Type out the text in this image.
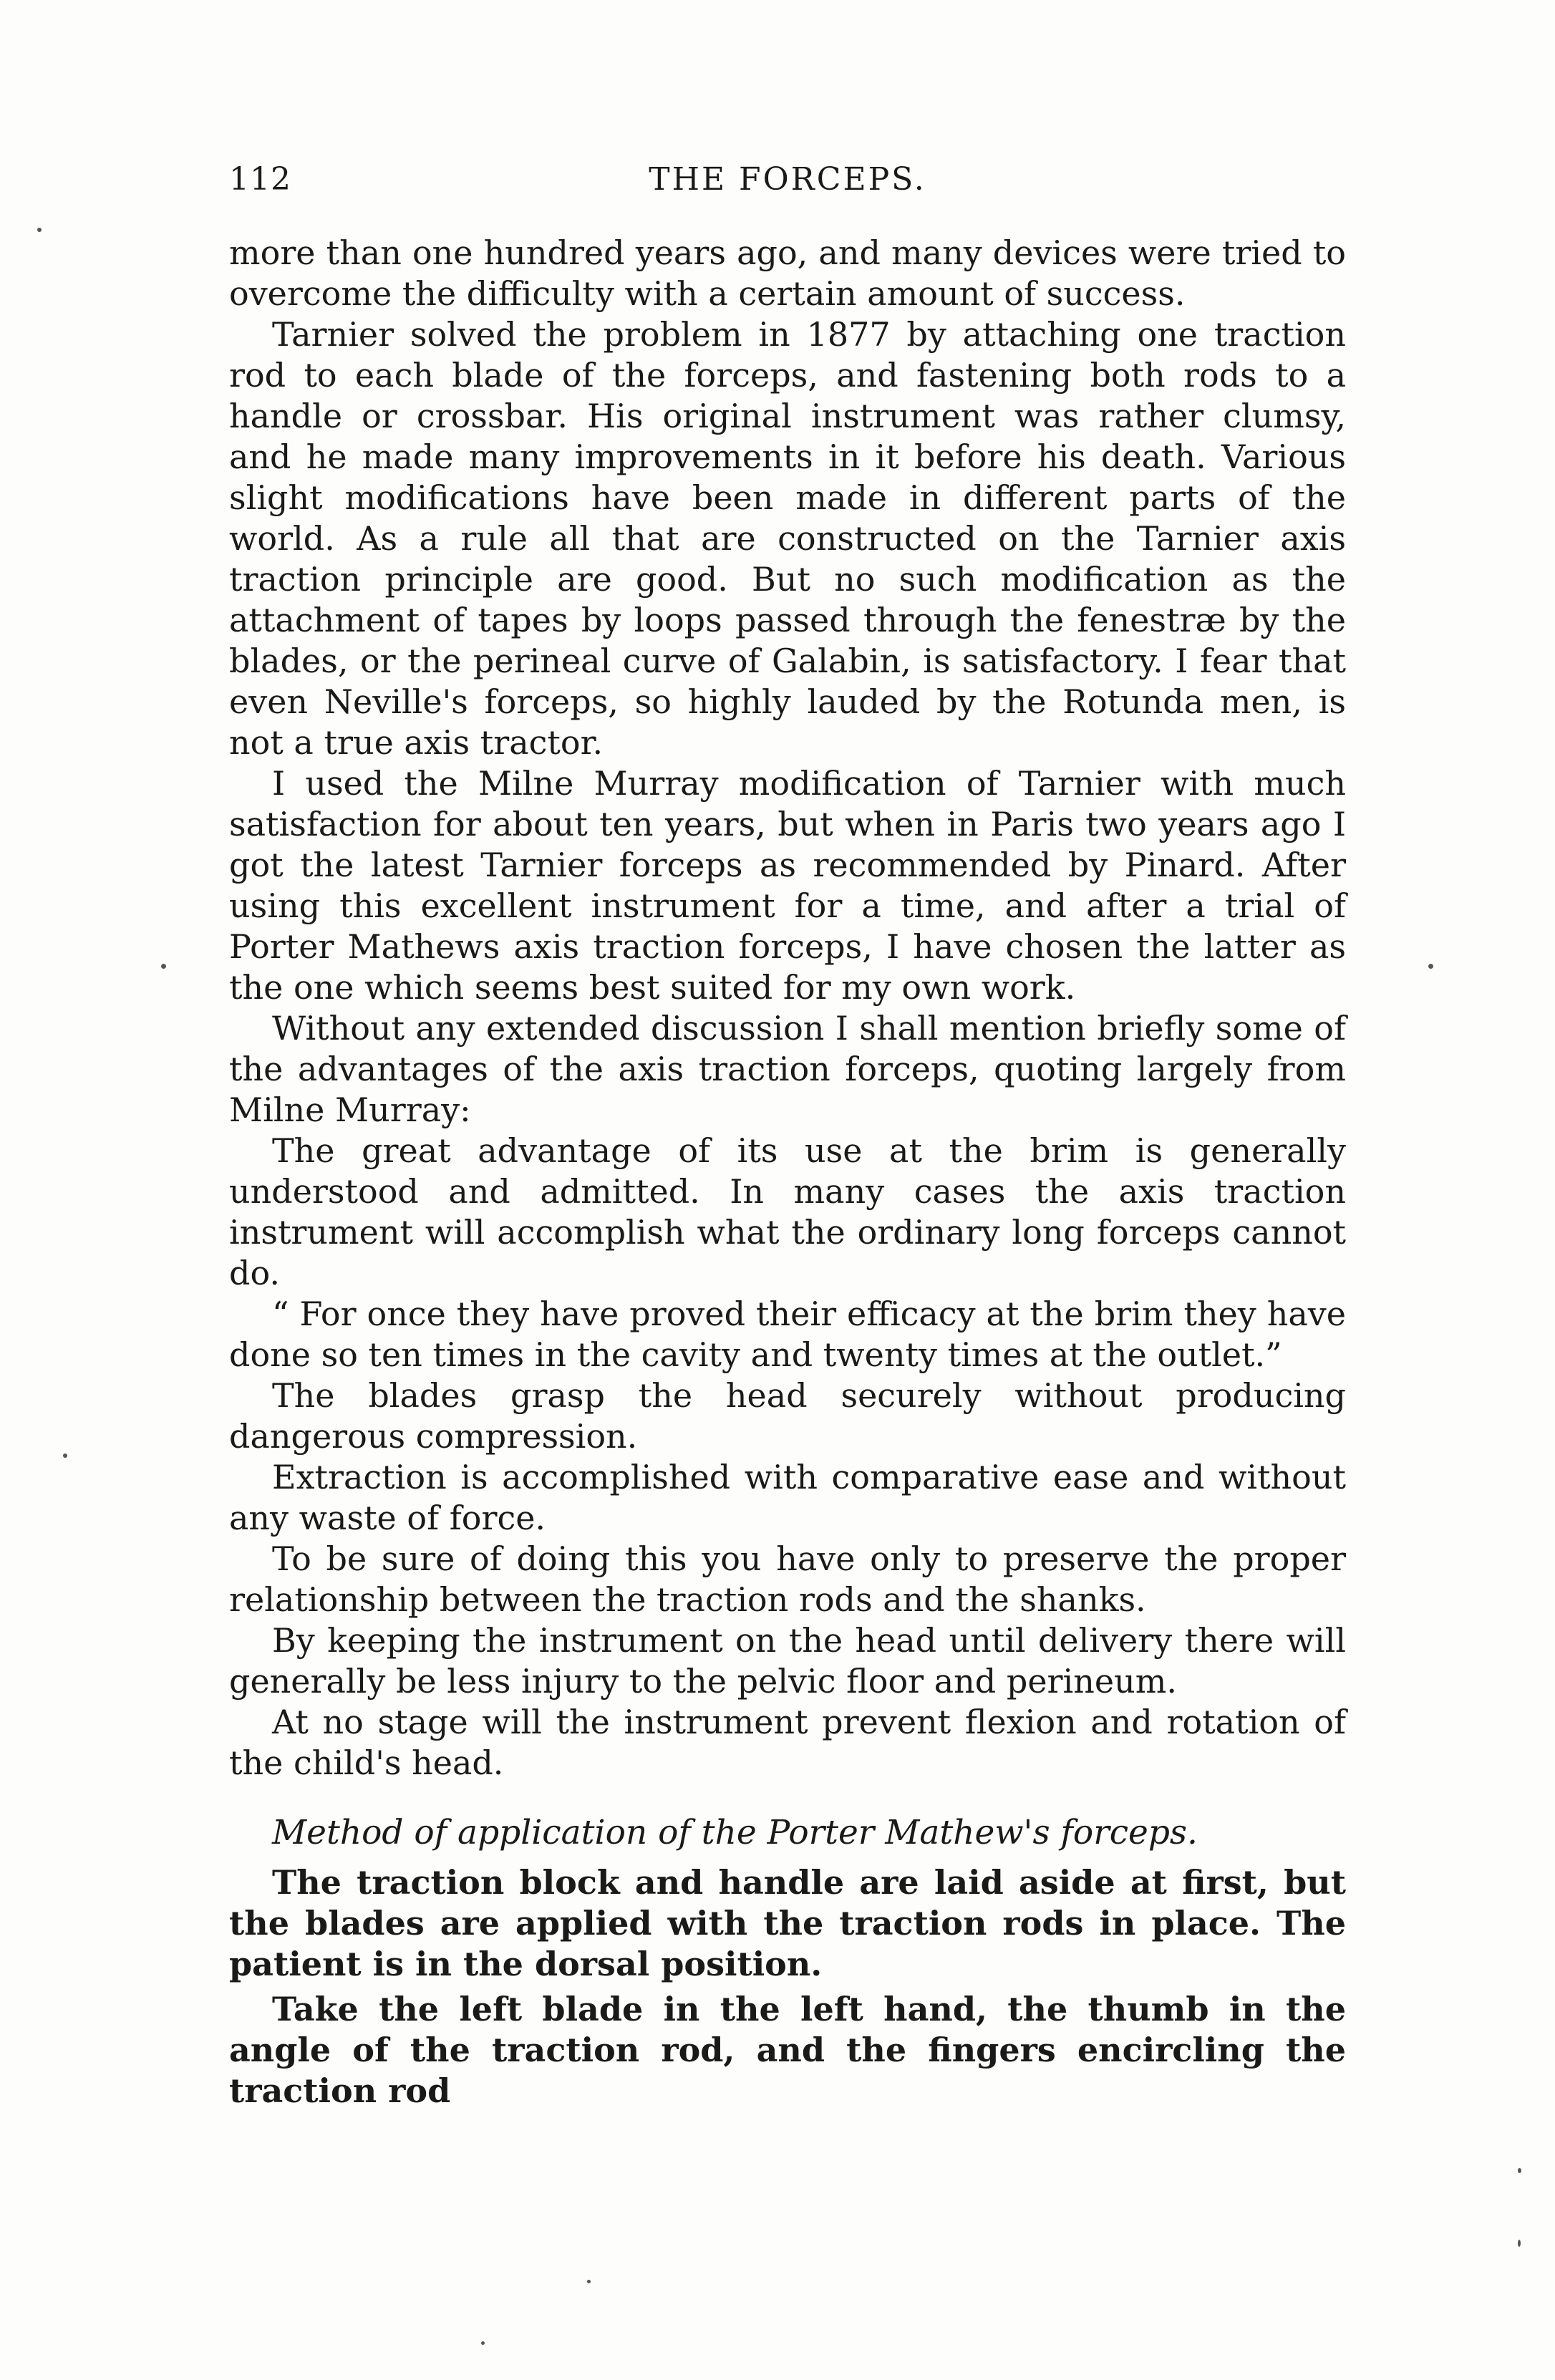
112	THE FORCEPS.

more than one hundred years ago, and many devices were tried to overcome the difficulty with a certain amount of success.

Tarnier solved the problem in 1877 by attaching one traction rod to each blade of the forceps, and fastening both rods to a handle or crossbar. His original instrument was rather clumsy, and he made many improvements in it before his death. Various slight modifications have been made in different parts of the world. As a rule all that are constructed on the Tarnier axis traction principle are good. But no such modification as the attachment of tapes by loops passed through the fenestræ by the blades, or the perineal curve of Galabin, is satisfactory. I fear that even Neville's forceps, so highly lauded by the Rotunda men, is not a true axis tractor.

I used the Milne Murray modification of Tarnier with much satisfaction for about ten years, but when in Paris two years ago I got the latest Tarnier forceps as recommended by Pinard. After using this excellent instrument for a time, and after a trial of Porter Mathews axis traction forceps, I have chosen the latter as the one which seems best suited for my own work.

Without any extended discussion I shall mention briefly some of the advantages of the axis traction forceps, quoting largely from Milne Murray:

The great advantage of its use at the brim is generally understood and admitted. In many cases the axis traction instrument will accomplish what the ordinary long forceps cannot do.

“ For once they have proved their efficacy at the brim they have done so ten times in the cavity and twenty times at the outlet.”

The blades grasp the head securely without producing dangerous compression.

Extraction is accomplished with comparative ease and without any waste of force.

To be sure of doing this you have only to preserve the proper relationship between the traction rods and the shanks.

By keeping the instrument on the head until delivery there will generally be less injury to the pelvic floor and perineum.

At no stage will the instrument prevent flexion and rotation of the child's head.

Method of application of the Porter Mathew's forceps.

The traction block and handle are laid aside at first, but the blades are applied with the traction rods in place. The patient is in the dorsal position.

Take the left blade in the left hand, the thumb in the angle of the traction rod, and the fingers encircling the traction rod
